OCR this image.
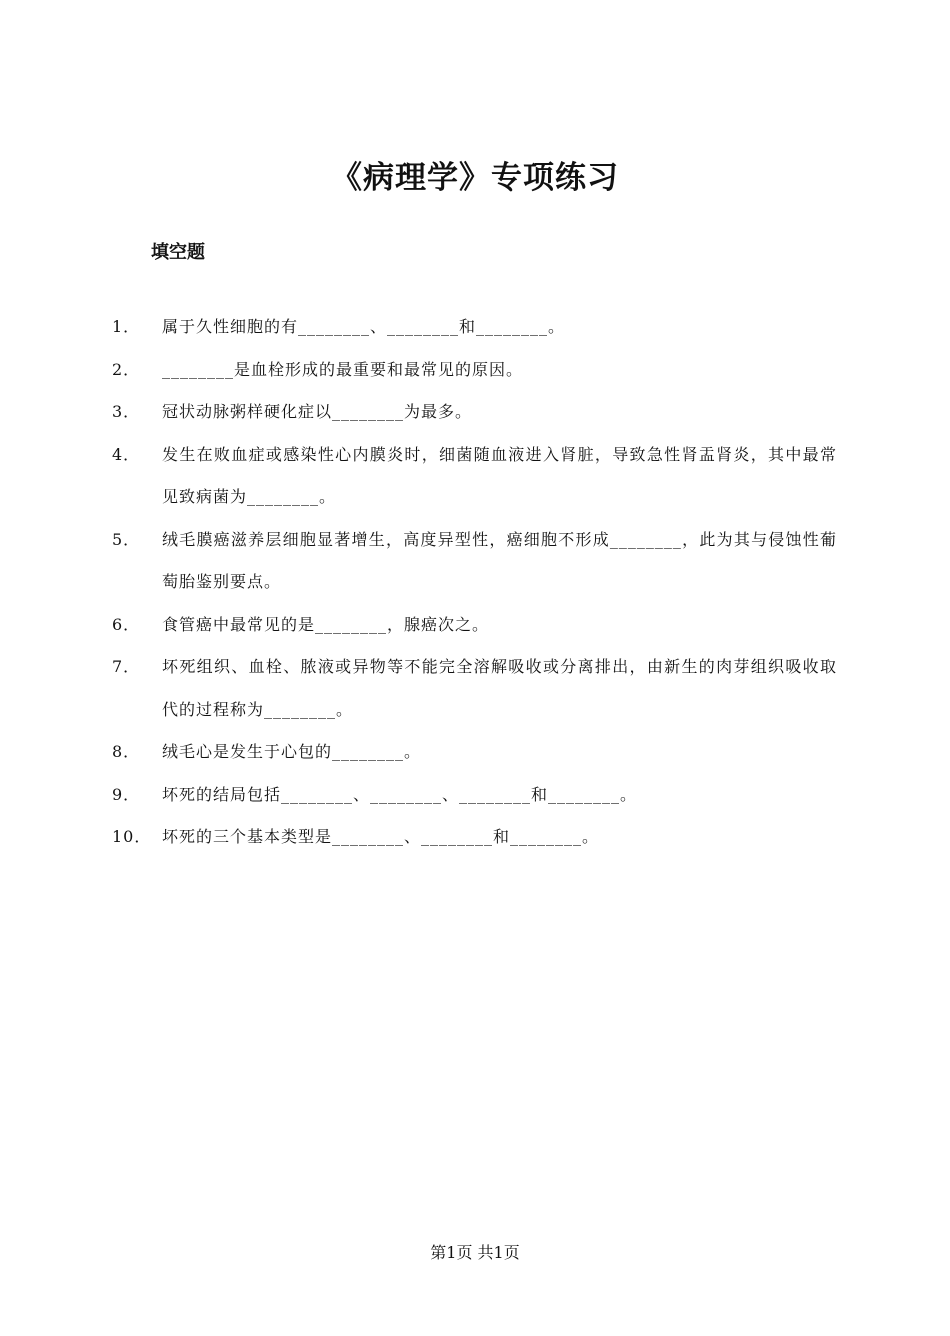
《病理学》专项练习
填空题
1．	属于久性细胞的有________、________和________。
2．	________是血栓形成的最重要和最常见的原因。
3．	冠状动脉粥样硬化症以________为最多。
4．	发生在败血症或感染性心内膜炎时，细菌随血液进入肾脏，导致急性肾盂肾炎，其中最常见致病菌为________。
5．	绒毛膜癌滋养层细胞显著增生，高度异型性，癌细胞不形成________，此为其与侵蚀性葡萄胎鉴别要点。
6．	食管癌中最常见的是________，腺癌次之。
7．	坏死组织、血栓、脓液或异物等不能完全溶解吸收或分离排出，由新生的肉芽组织吸收取代的过程称为________。
8．	绒毛心是发生于心包的________。
9．	坏死的结局包括________、________、________和________。
10． 坏死的三个基本类型是________、________和________。
第1页 共1页
